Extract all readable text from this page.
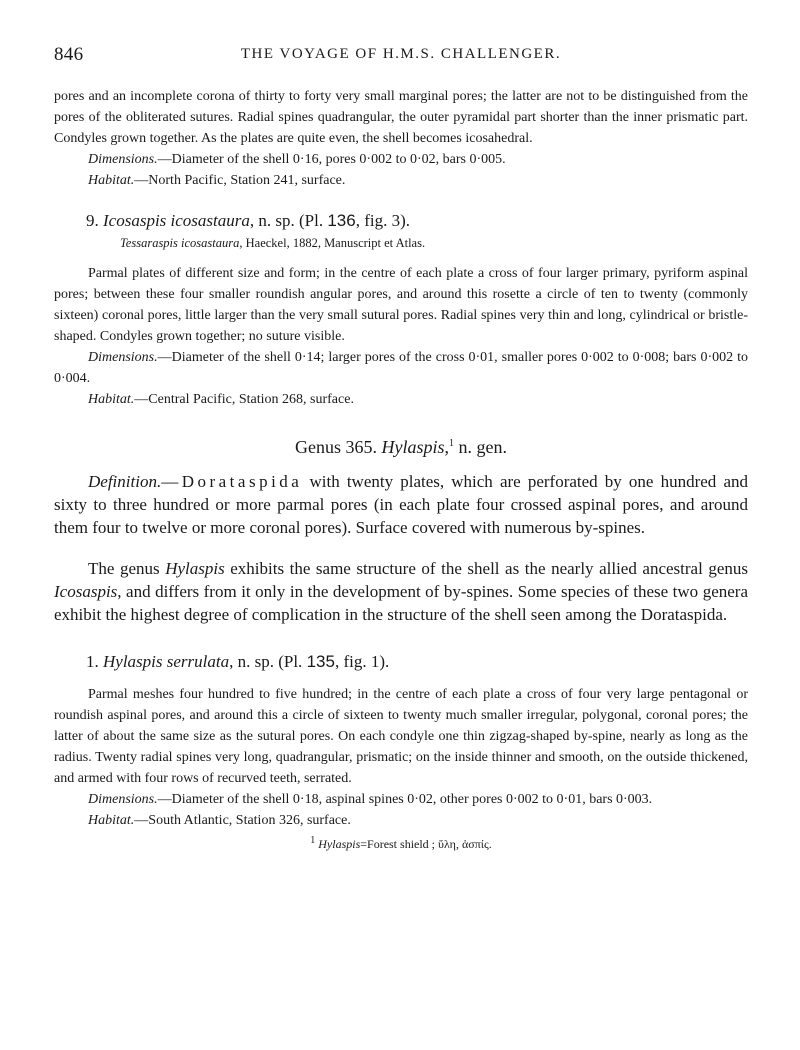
846	THE VOYAGE OF H.M.S. CHALLENGER.

pores and an incomplete corona of thirty to forty very small marginal pores; the latter are not to be distinguished from the pores of the obliterated sutures. Radial spines quadrangular, the outer pyramidal part shorter than the inner prismatic part. Condyles grown together. As the plates are quite even, the shell becomes icosahedral.

Dimensions.—Diameter of the shell 0·16, pores 0·002 to 0·02, bars 0·005.

Habitat.—North Pacific, Station 241, surface.

9. Icosaspis icosastaura, n. sp. (Pl. 136, fig. 3).

Tessaraspis icosastaura, Haeckel, 1882, Manuscript et Atlas.

Parmal plates of different size and form; in the centre of each plate a cross of four larger primary, pyriform aspinal pores; between these four smaller roundish angular pores, and around this rosette a circle of ten to twenty (commonly sixteen) coronal pores, little larger than the very small sutural pores. Radial spines very thin and long, cylindrical or bristle-shaped. Condyles grown together; no suture visible.

Dimensions.—Diameter of the shell 0·14; larger pores of the cross 0·01, smaller pores 0·002 to 0·008; bars 0·002 to 0·004.

Habitat.—Central Pacific, Station 268, surface.

Genus 365. Hylaspis,$^1$ n. gen.

Definition.—Dorataspida with twenty plates, which are perforated by one hundred and sixty to three hundred or more parmal pores (in each plate four crossed aspinal pores, and around them four to twelve or more coronal pores). Surface covered with numerous by-spines.

The genus Hylaspis exhibits the same structure of the shell as the nearly allied ancestral genus Icosaspis, and differs from it only in the development of by-spines. Some species of these two genera exhibit the highest degree of complication in the structure of the shell seen among the Dorataspida.

1. Hylaspis serrulata, n. sp. (Pl. 135, fig. 1).

Parmal meshes four hundred to five hundred; in the centre of each plate a cross of four very large pentagonal or roundish aspinal pores, and around this a circle of sixteen to twenty much smaller irregular, polygonal, coronal pores; the latter of about the same size as the sutural pores. On each condyle one thin zigzag-shaped by-spine, nearly as long as the radius. Twenty radial spines very long, quadrangular, prismatic; on the inside thinner and smooth, on the outside thickened, and armed with four rows of recurved teeth, serrated.

Dimensions.—Diameter of the shell 0·18, aspinal spines 0·02, other pores 0·002 to 0·01, bars 0·003.

Habitat.—South Atlantic, Station 326, surface.

$^1$ Hylaspis=Forest shield ; ὕλη, ἀσπίς.
